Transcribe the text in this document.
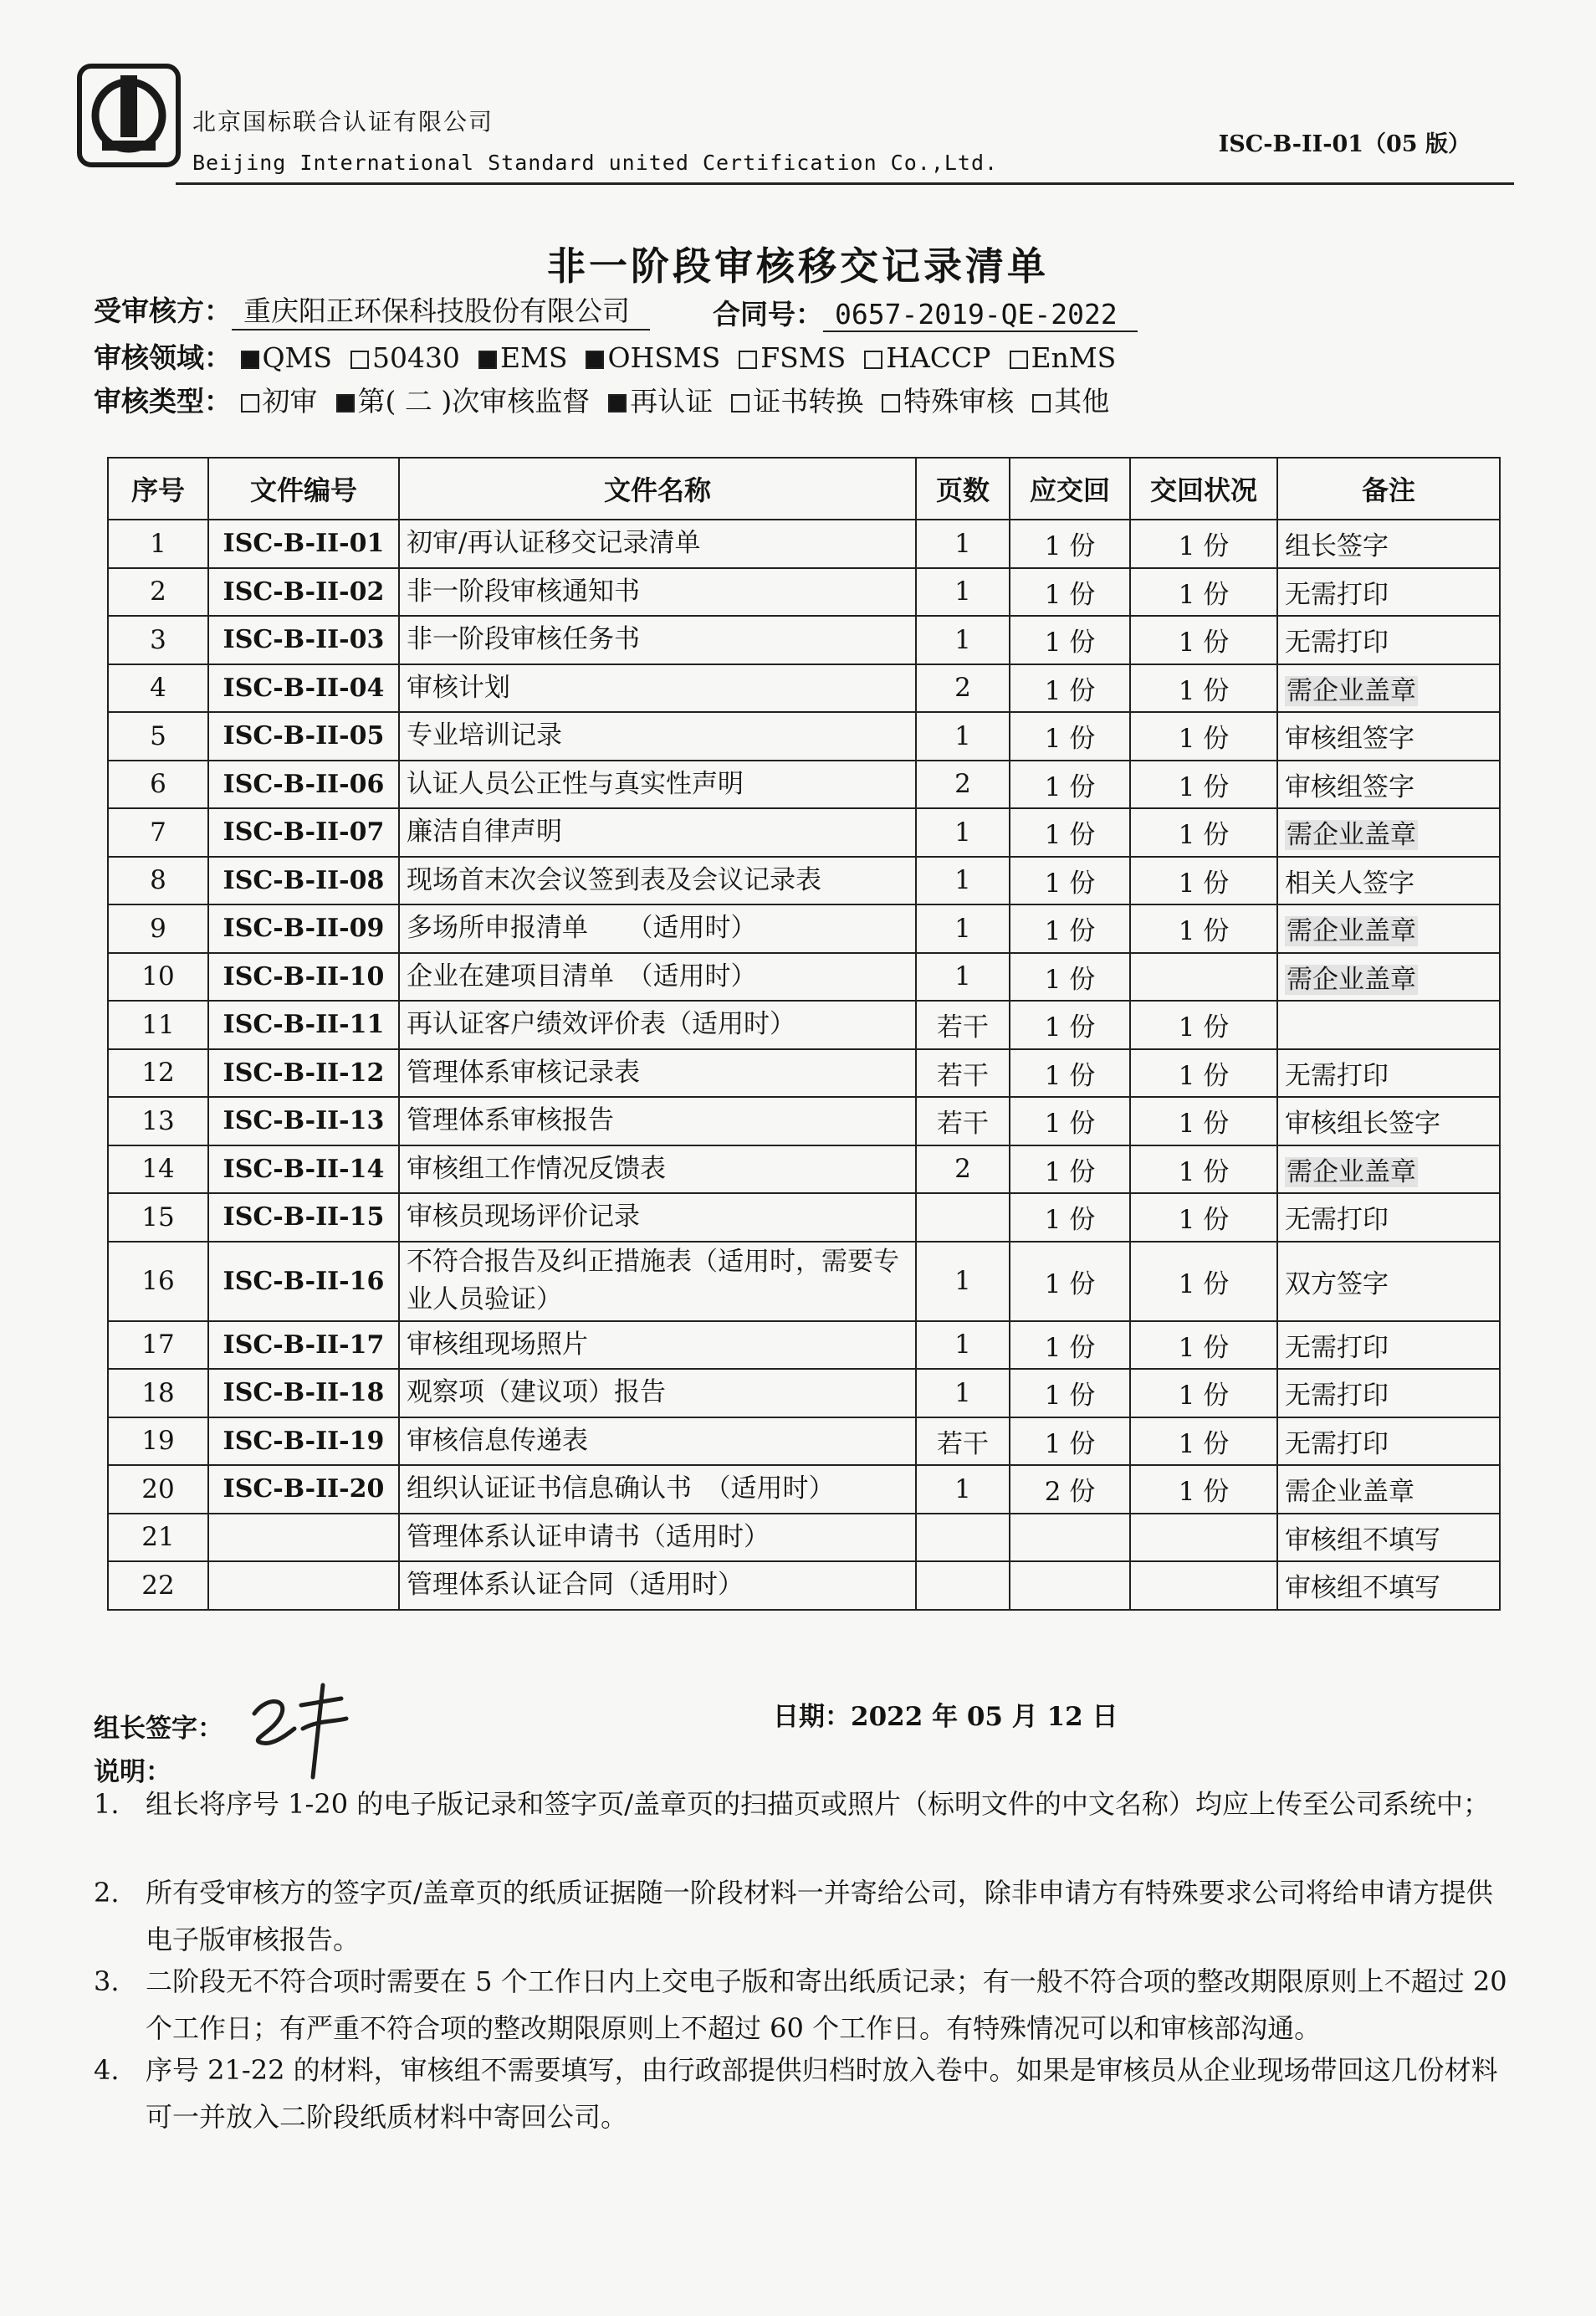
北京国标联合认证有限公司
Beijing International Standard united Certification Co.,Ltd.
ISC-B-II-01（05 版）
非一阶段审核移交记录清单
受审核方： 重庆阳正环保科技股份有限公司	合同号： 0657-2019-QE-2022
审核领域： QMS 50430 EMS OHSMS FSMS HACCP EnMS
审核类型： 初审 第( 二 )次审核监督 再认证 证书转换 特殊审核 其他
序号	文件编号	文件名称	页数	应交回	交回状况	备注
1	ISC-B-II-01	初审/再认证移交记录清单	1	1 份	1 份	组长签字
2	ISC-B-II-02	非一阶段审核通知书	1	1 份	1 份	无需打印
3	ISC-B-II-03	非一阶段审核任务书	1	1 份	1 份	无需打印
4	ISC-B-II-04	审核计划	2	1 份	1 份	需企业盖章
5	ISC-B-II-05	专业培训记录	1	1 份	1 份	审核组签字
6	ISC-B-II-06	认证人员公正性与真实性声明	2	1 份	1 份	审核组签字
7	ISC-B-II-07	廉洁自律声明	1	1 份	1 份	需企业盖章
8	ISC-B-II-08	现场首末次会议签到表及会议记录表	1	1 份	1 份	相关人签字
9	ISC-B-II-09	多场所申报清单　　（适用时）	1	1 份	1 份	需企业盖章
10	ISC-B-II-10	企业在建项目清单　（适用时）	1	1 份		需企业盖章
11	ISC-B-II-11	再认证客户绩效评价表（适用时）	若干	1 份	1 份	
12	ISC-B-II-12	管理体系审核记录表	若干	1 份	1 份	无需打印
13	ISC-B-II-13	管理体系审核报告	若干	1 份	1 份	审核组长签字
14	ISC-B-II-14	审核组工作情况反馈表	2	1 份	1 份	需企业盖章
15	ISC-B-II-15	审核员现场评价记录		1 份	1 份	无需打印
16	ISC-B-II-16	不符合报告及纠正措施表（适用时，需要专业人员验证）	1	1 份	1 份	双方签字
17	ISC-B-II-17	审核组现场照片	1	1 份	1 份	无需打印
18	ISC-B-II-18	观察项（建议项）报告	1	1 份	1 份	无需打印
19	ISC-B-II-19	审核信息传递表	若干	1 份	1 份	无需打印
20	ISC-B-II-20	组织认证证书信息确认书　（适用时）	1	2 份	1 份	需企业盖章
21		管理体系认证申请书（适用时）				审核组不填写
22		管理体系认证合同（适用时）				审核组不填写
组长签字：	日期：2022 年 05 月 12 日
说明：
1. 组长将序号 1-20 的电子版记录和签字页/盖章页的扫描页或照片（标明文件的中文名称）均应上传至公司系统中；
2. 所有受审核方的签字页/盖章页的纸质证据随一阶段材料一并寄给公司，除非申请方有特殊要求公司将给申请方提供电子版审核报告。
3. 二阶段无不符合项时需要在 5 个工作日内上交电子版和寄出纸质记录；有一般不符合项的整改期限原则上不超过 20 个工作日；有严重不符合项的整改期限原则上不超过 60 个工作日。有特殊情况可以和审核部沟通。
4. 序号 21-22 的材料，审核组不需要填写，由行政部提供归档时放入卷中。如果是审核员从企业现场带回这几份材料可一并放入二阶段纸质材料中寄回公司。
